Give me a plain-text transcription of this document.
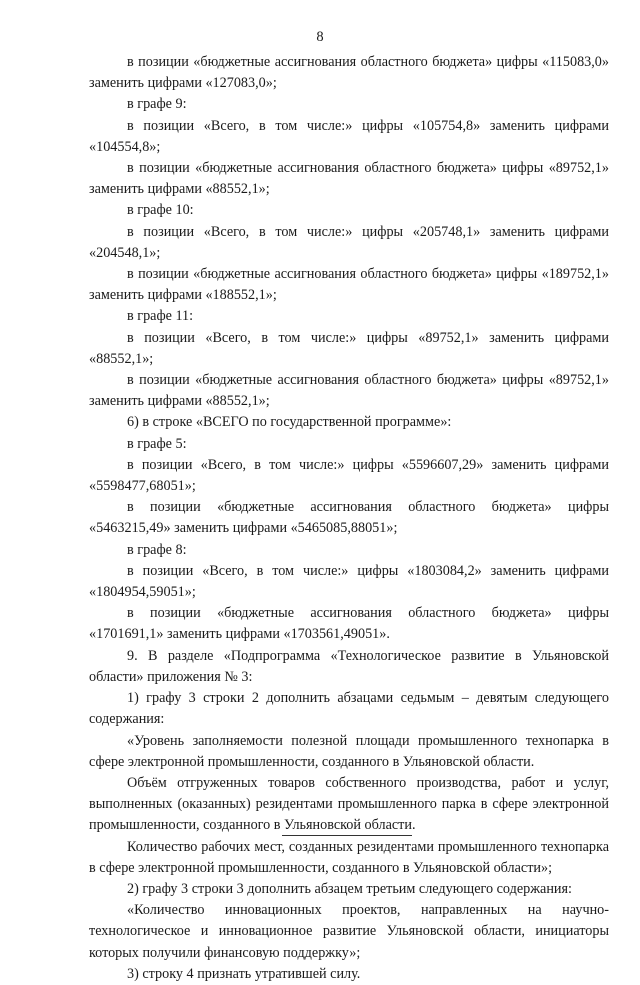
8

в позиции «бюджетные ассигнования областного бюджета» цифры «115083,0» заменить цифрами «127083,0»;

в графе 9:

в позиции «Всего, в том числе:» цифры «105754,8» заменить цифрами «104554,8»;

в позиции «бюджетные ассигнования областного бюджета» цифры «89752,1» заменить цифрами «88552,1»;

в графе 10:

в позиции «Всего, в том числе:» цифры «205748,1» заменить цифрами «204548,1»;

в позиции «бюджетные ассигнования областного бюджета» цифры «189752,1» заменить цифрами «188552,1»;

в графе 11:

в позиции «Всего, в том числе:» цифры «89752,1» заменить цифрами «88552,1»;

в позиции «бюджетные ассигнования областного бюджета» цифры «89752,1» заменить цифрами «88552,1»;

6) в строке «ВСЕГО по государственной программе»:

в графе 5:

в позиции «Всего, в том числе:» цифры «5596607,29» заменить цифрами «5598477,68051»;

в позиции «бюджетные ассигнования областного бюджета» цифры «5463215,49» заменить цифрами «5465085,88051»;

в графе 8:

в позиции «Всего, в том числе:» цифры «1803084,2» заменить цифрами «1804954,59051»;

в позиции «бюджетные ассигнования областного бюджета» цифры «1701691,1» заменить цифрами «1703561,49051».

9. В разделе «Подпрограмма «Технологическое развитие в Ульяновской области» приложения № 3:

1) графу 3 строки 2 дополнить абзацами седьмым – девятым следующего содержания:

«Уровень заполняемости полезной площади промышленного технопарка в сфере электронной промышленности, созданного в Ульяновской области.

Объём отгруженных товаров собственного производства, работ и услуг, выполненных (оказанных) резидентами промышленного парка в сфере электронной промышленности, созданного в Ульяновской области.

Количество рабочих мест, созданных резидентами промышленного технопарка в сфере электронной промышленности, созданного в Ульяновской области»;

2) графу 3 строки 3 дополнить абзацем третьим следующего содержания:

«Количество инновационных проектов, направленных на научно-технологическое и инновационное развитие Ульяновской области, инициаторы которых получили финансовую поддержку»;

3) строку 4 признать утратившей силу.
